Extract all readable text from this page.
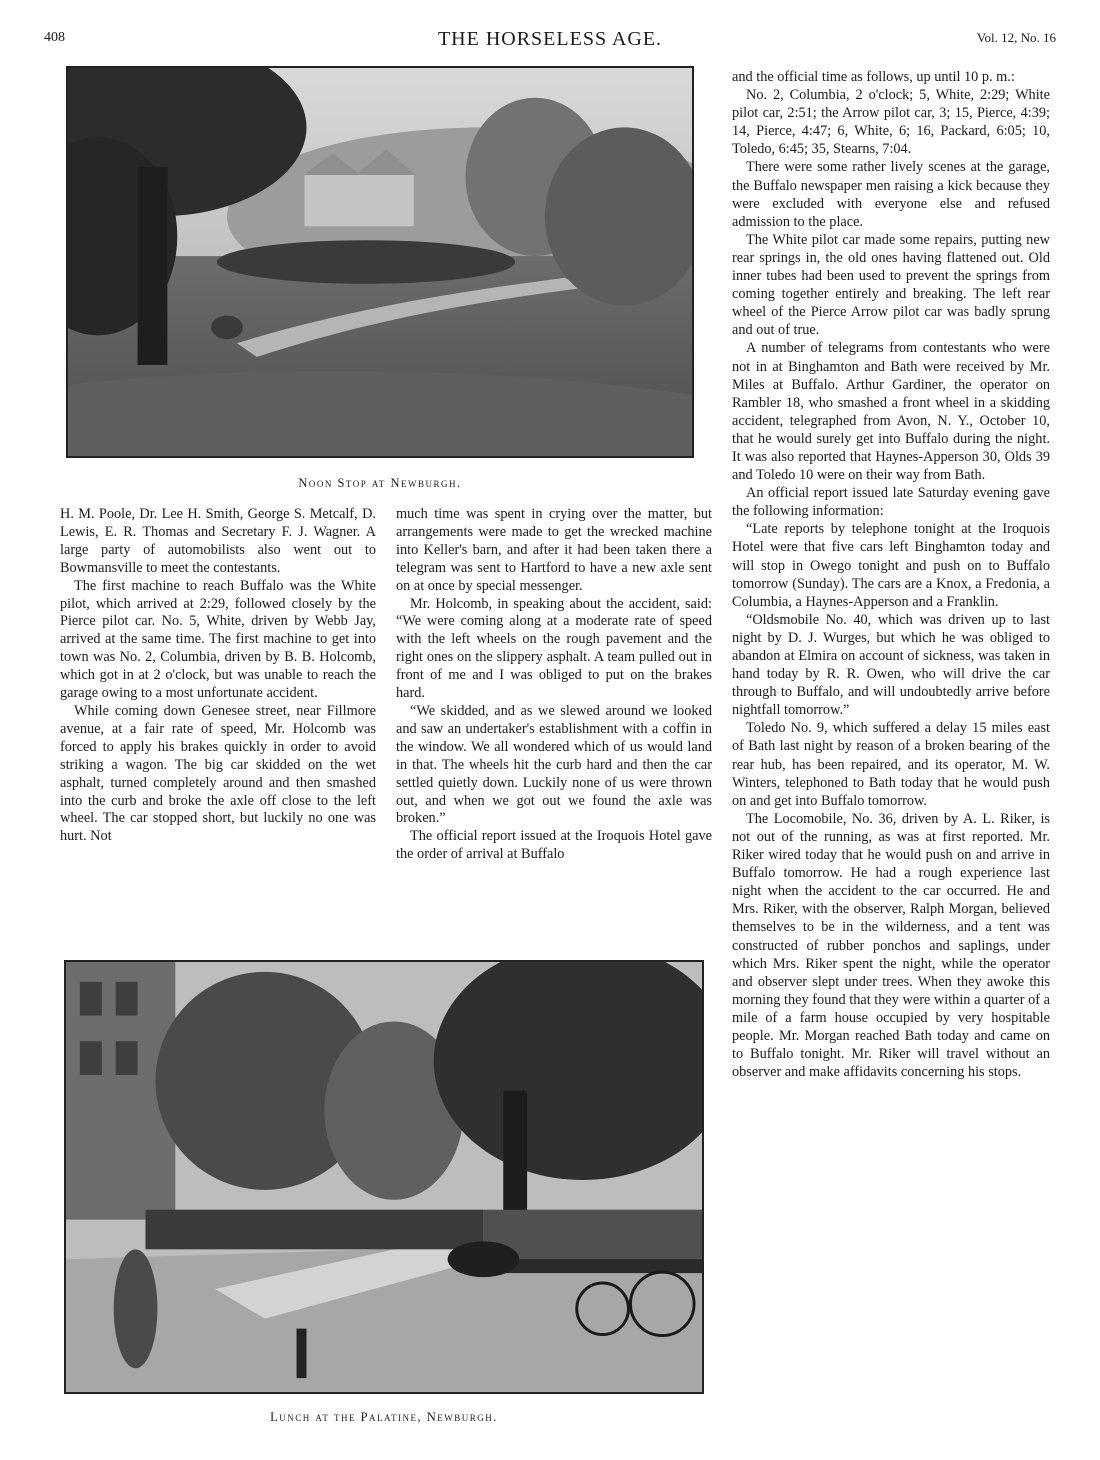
408	THE HORSELESS AGE.	Vol. 12, No. 16
Noon Stop at Newburgh.

H. M. Poole, Dr. Lee H. Smith, George S. Metcalf, D. Lewis, E. R. Thomas and Secretary F. J. Wagner. A large party of automobilists also went out to Bowmansville to meet the contestants.

The first machine to reach Buffalo was the White pilot, which arrived at 2:29, followed closely by the Pierce pilot car. No. 5, White, driven by Webb Jay, arrived at the same time. The first machine to get into town was No. 2, Columbia, driven by B. B. Holcomb, which got in at 2 o'clock, but was unable to reach the garage owing to a most unfortunate accident.

While coming down Genesee street, near Fillmore avenue, at a fair rate of speed, Mr. Holcomb was forced to apply his brakes quickly in order to avoid striking a wagon. The big car skidded on the wet asphalt, turned completely around and then smashed into the curb and broke the axle off close to the left wheel. The car stopped short, but luckily no one was hurt. Not

much time was spent in crying over the matter, but arrangements were made to get the wrecked machine into Keller's barn, and after it had been taken there a telegram was sent to Hartford to have a new axle sent on at once by special messenger.

Mr. Holcomb, in speaking about the accident, said: “We were coming along at a moderate rate of speed with the left wheels on the rough pavement and the right ones on the slippery asphalt. A team pulled out in front of me and I was obliged to put on the brakes hard.

“We skidded, and as we slewed around we looked and saw an undertaker's establishment with a coffin in the window. We all wondered which of us would land in that. The wheels hit the curb hard and then the car settled quietly down. Luckily none of us were thrown out, and when we got out we found the axle was broken.”

The official report issued at the Iroquois Hotel gave the order of arrival at Buffalo

and the official time as follows, up until 10 p. m.:

No. 2, Columbia, 2 o'clock; 5, White, 2:29; White pilot car, 2:51; the Arrow pilot car, 3; 15, Pierce, 4:39; 14, Pierce, 4:47; 6, White, 6; 16, Packard, 6:05; 10, Toledo, 6:45; 35, Stearns, 7:04.

There were some rather lively scenes at the garage, the Buffalo newspaper men raising a kick because they were excluded with everyone else and refused admission to the place.

The White pilot car made some repairs, putting new rear springs in, the old ones having flattened out. Old inner tubes had been used to prevent the springs from coming together entirely and breaking. The left rear wheel of the Pierce Arrow pilot car was badly sprung and out of true.

A number of telegrams from contestants who were not in at Binghamton and Bath were received by Mr. Miles at Buffalo. Arthur Gardiner, the operator on Rambler 18, who smashed a front wheel in a skidding accident, telegraphed from Avon, N. Y., October 10, that he would surely get into Buffalo during the night. It was also reported that Haynes-Apperson 30, Olds 39 and Toledo 10 were on their way from Bath.

An official report issued late Saturday evening gave the following information:

“Late reports by telephone tonight at the Iroquois Hotel were that five cars left Binghamton today and will stop in Owego tonight and push on to Buffalo tomorrow (Sunday). The cars are a Knox, a Fredonia, a Columbia, a Haynes-Apperson and a Franklin.

“Oldsmobile No. 40, which was driven up to last night by D. J. Wurges, but which he was obliged to abandon at Elmira on account of sickness, was taken in hand today by R. R. Owen, who will drive the car through to Buffalo, and will undoubtedly arrive before nightfall tomorrow.”

Toledo No. 9, which suffered a delay 15 miles east of Bath last night by reason of a broken bearing of the rear hub, has been repaired, and its operator, M. W. Winters, telephoned to Bath today that he would push on and get into Buffalo tomorrow.

The Locomobile, No. 36, driven by A. L. Riker, is not out of the running, as was at first reported. Mr. Riker wired today that he would push on and arrive in Buffalo tomorrow. He had a rough experience last night when the accident to the car occurred. He and Mrs. Riker, with the observer, Ralph Morgan, believed themselves to be in the wilderness, and a tent was constructed of rubber ponchos and saplings, under which Mrs. Riker spent the night, while the operator and observer slept under trees. When they awoke this morning they found that they were within a quarter of a mile of a farm house occupied by very hospitable people. Mr. Morgan reached Bath today and came on to Buffalo tonight. Mr. Riker will travel without an observer and make affidavits concerning his stops.

Lunch at the Palatine, Newburgh.
